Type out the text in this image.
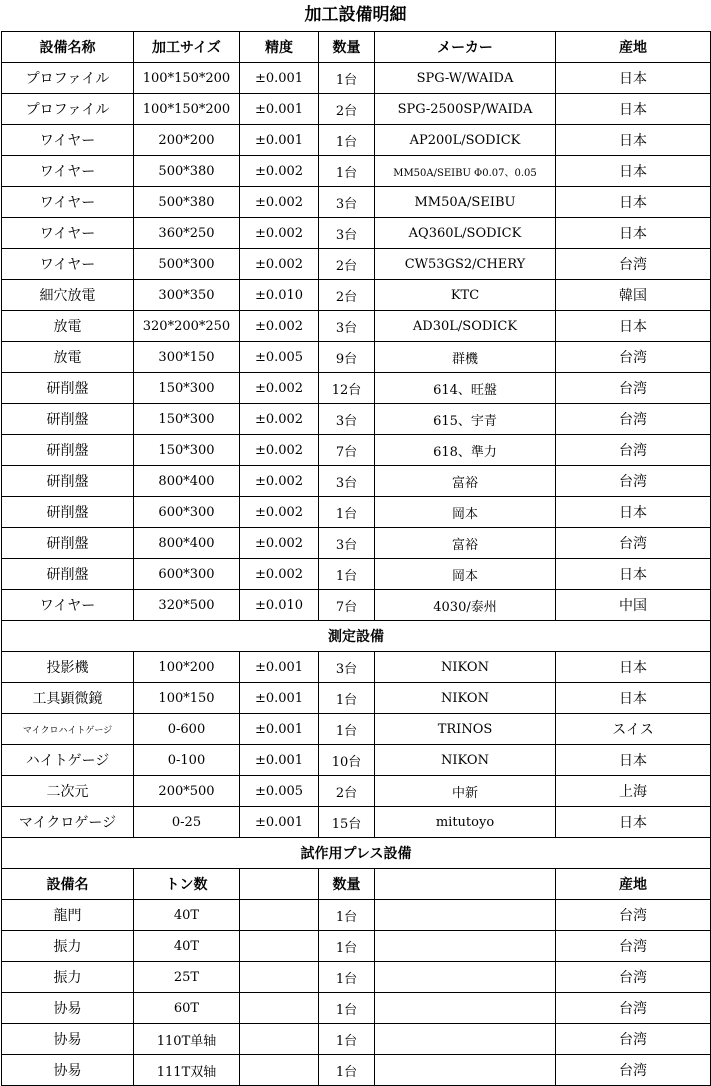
加工設備明細
設備名称	加工サイズ	精度	数量	メーカー	産地
プロファイル	100*150*200	±0.001	1台	SPG-W/WAIDA	日本
プロファイル	100*150*200	±0.001	2台	SPG-2500SP/WAIDA	日本
ワイヤー	200*200	±0.001	1台	AP200L/SODICK	日本
ワイヤー	500*380	±0.002	1台	MM50A/SEIBU Φ0.07、0.05	日本
ワイヤー	500*380	±0.002	3台	MM50A/SEIBU	日本
ワイヤー	360*250	±0.002	3台	AQ360L/SODICK	日本
ワイヤー	500*300	±0.002	2台	CW53GS2/CHERY	台湾
細穴放電	300*350	±0.010	2台	KTC	韓国
放電	320*200*250	±0.002	3台	AD30L/SODICK	日本
放電	300*150	±0.005	9台	群機	台湾
研削盤	150*300	±0.002	12台	614、旺盤	台湾
研削盤	150*300	±0.002	3台	615、宇青	台湾
研削盤	150*300	±0.002	7台	618、準力	台湾
研削盤	800*400	±0.002	3台	富裕	台湾
研削盤	600*300	±0.002	1台	岡本	日本
研削盤	800*400	±0.002	3台	富裕	台湾
研削盤	600*300	±0.002	1台	岡本	日本
ワイヤー	320*500	±0.010	7台	4030/泰州	中国
測定設備					
投影機	100*200	±0.001	3台	NIKON	日本
工具顕微鏡	100*150	±0.001	1台	NIKON	日本
マイクロハイトゲージ	0-600	±0.001	1台	TRINOS	スイス
ハイトゲージ	0-100	±0.001	10台	NIKON	日本
二次元	200*500	±0.005	2台	中新	上海
マイクロゲージ	0-25	±0.001	15台	mitutoyo	日本
試作用プレス設備					
設備名	トン数		数量		産地
龍門	40T		1台		台湾
振力	40T		1台		台湾
振力	25T		1台		台湾
协易	60T		1台		台湾
协易	110T单轴		1台		台湾
协易	111T双轴		1台		台湾
